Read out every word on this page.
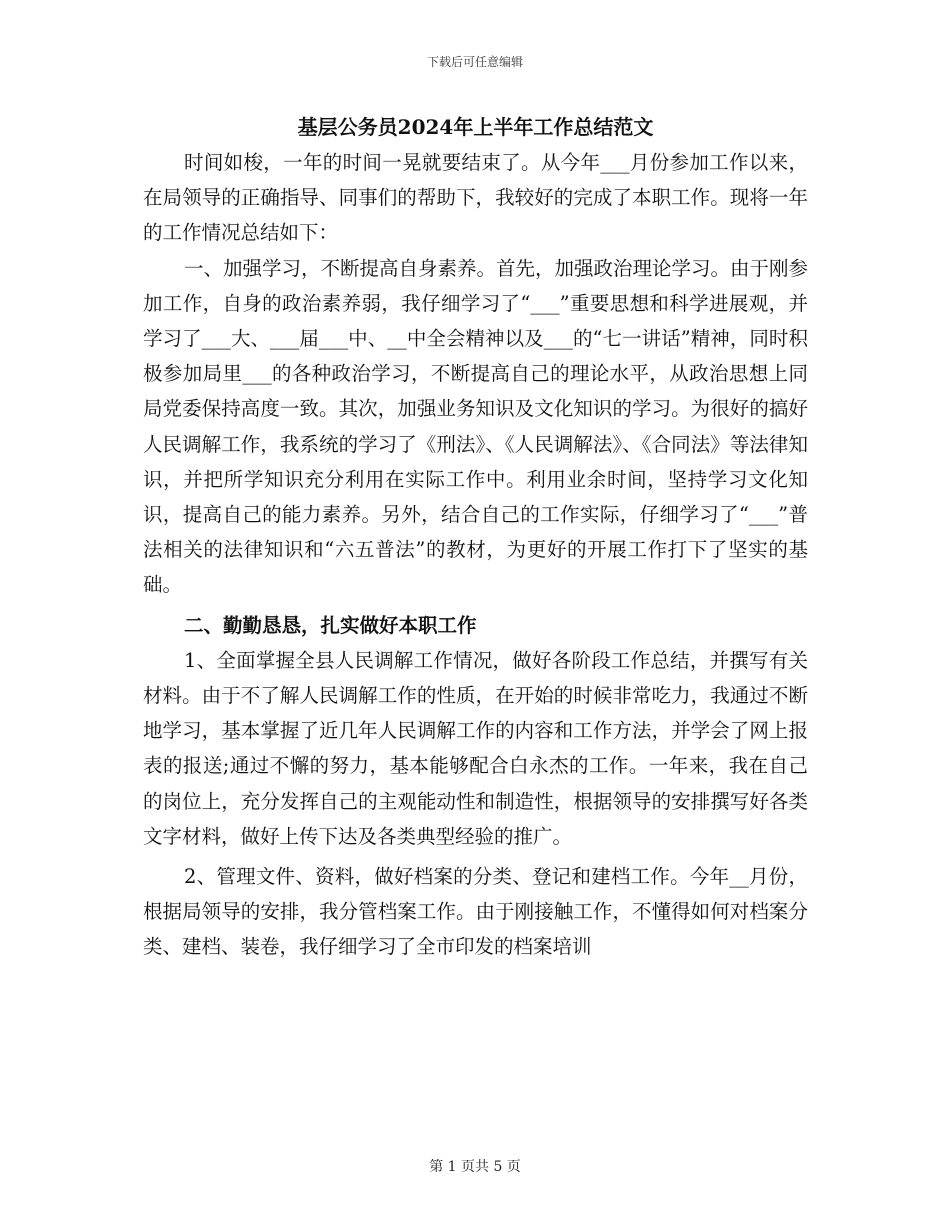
下载后可任意编辑
基层公务员2024年上半年工作总结范文

时间如梭，一年的时间一晃就要结束了。从今年___月份参加工作以来，在局领导的正确指导、同事们的帮助下，我较好的完成了本职工作。现将一年的工作情况总结如下：

一、加强学习，不断提高自身素养。首先，加强政治理论学习。由于刚参加工作，自身的政治素养弱，我仔细学习了“___”重要思想和科学进展观，并学习了___大、___届___中、__中全会精神以及___的“七一讲话”精神，同时积极参加局里___的各种政治学习，不断提高自己的理论水平，从政治思想上同局党委保持高度一致。其次，加强业务知识及文化知识的学习。为很好的搞好人民调解工作，我系统的学习了《刑法》、《人民调解法》、《合同法》等法律知识，并把所学知识充分利用在实际工作中。利用业余时间，坚持学习文化知识，提高自己的能力素养。另外，结合自己的工作实际，仔细学习了“___”普法相关的法律知识和“六五普法”的教材，为更好的开展工作打下了坚实的基础。

二、勤勤恳恳，扎实做好本职工作

1、全面掌握全县人民调解工作情况，做好各阶段工作总结，并撰写有关材料。由于不了解人民调解工作的性质，在开始的时候非常吃力，我通过不断地学习，基本掌握了近几年人民调解工作的内容和工作方法，并学会了网上报表的报送;通过不懈的努力，基本能够配合白永杰的工作。一年来，我在自己的岗位上，充分发挥自己的主观能动性和制造性，根据领导的安排撰写好各类文字材料，做好上传下达及各类典型经验的推广。

2、管理文件、资料，做好档案的分类、登记和建档工作。今年__月份，根据局领导的安排，我分管档案工作。由于刚接触工作，不懂得如何对档案分类、建档、装卷，我仔细学习了全市印发的档案培训

第 1 页共 5 页
